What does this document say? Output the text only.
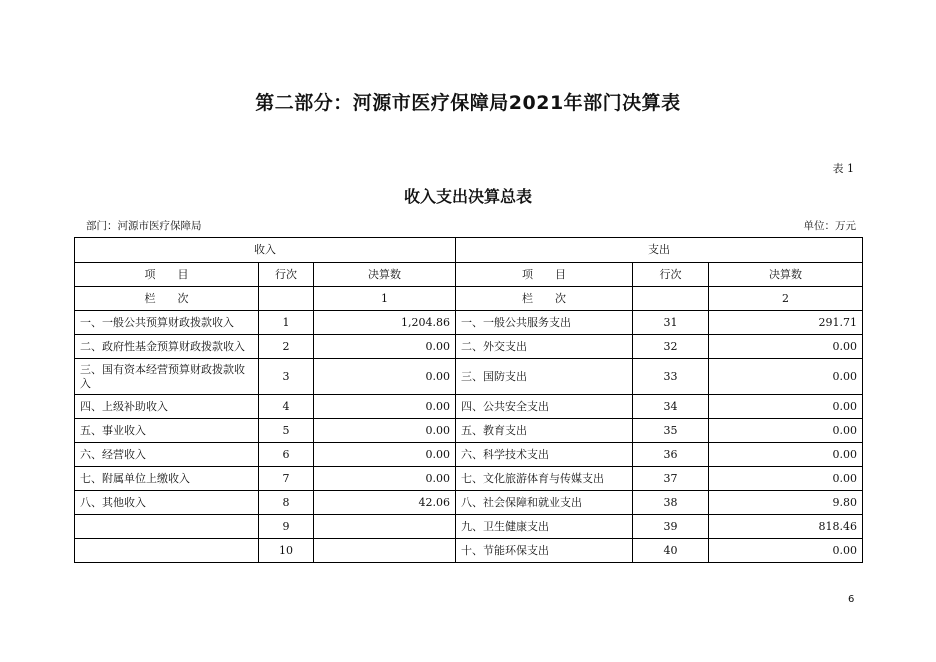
第二部分：河源市医疗保障局2021年部门决算表
表 1
收入支出决算总表
部门：河源市医疗保障局	单位：万元
收入			支出		
项　　目	行次	决算数	项　　目	行次	决算数
栏　　次		1	栏　　次		2
一、一般公共预算财政拨款收入	1	1,204.86	一、一般公共服务支出	31	291.71
二、政府性基金预算财政拨款收入	2	0.00	二、外交支出	32	0.00
三、国有资本经营预算财政拨款收入	3	0.00	三、国防支出	33	0.00
四、上级补助收入	4	0.00	四、公共安全支出	34	0.00
五、事业收入	5	0.00	五、教育支出	35	0.00
六、经营收入	6	0.00	六、科学技术支出	36	0.00
七、附属单位上缴收入	7	0.00	七、文化旅游体育与传媒支出	37	0.00
八、其他收入	8	42.06	八、社会保障和就业支出	38	9.80
	9		九、卫生健康支出	39	818.46
	10		十、节能环保支出	40	0.00
6
